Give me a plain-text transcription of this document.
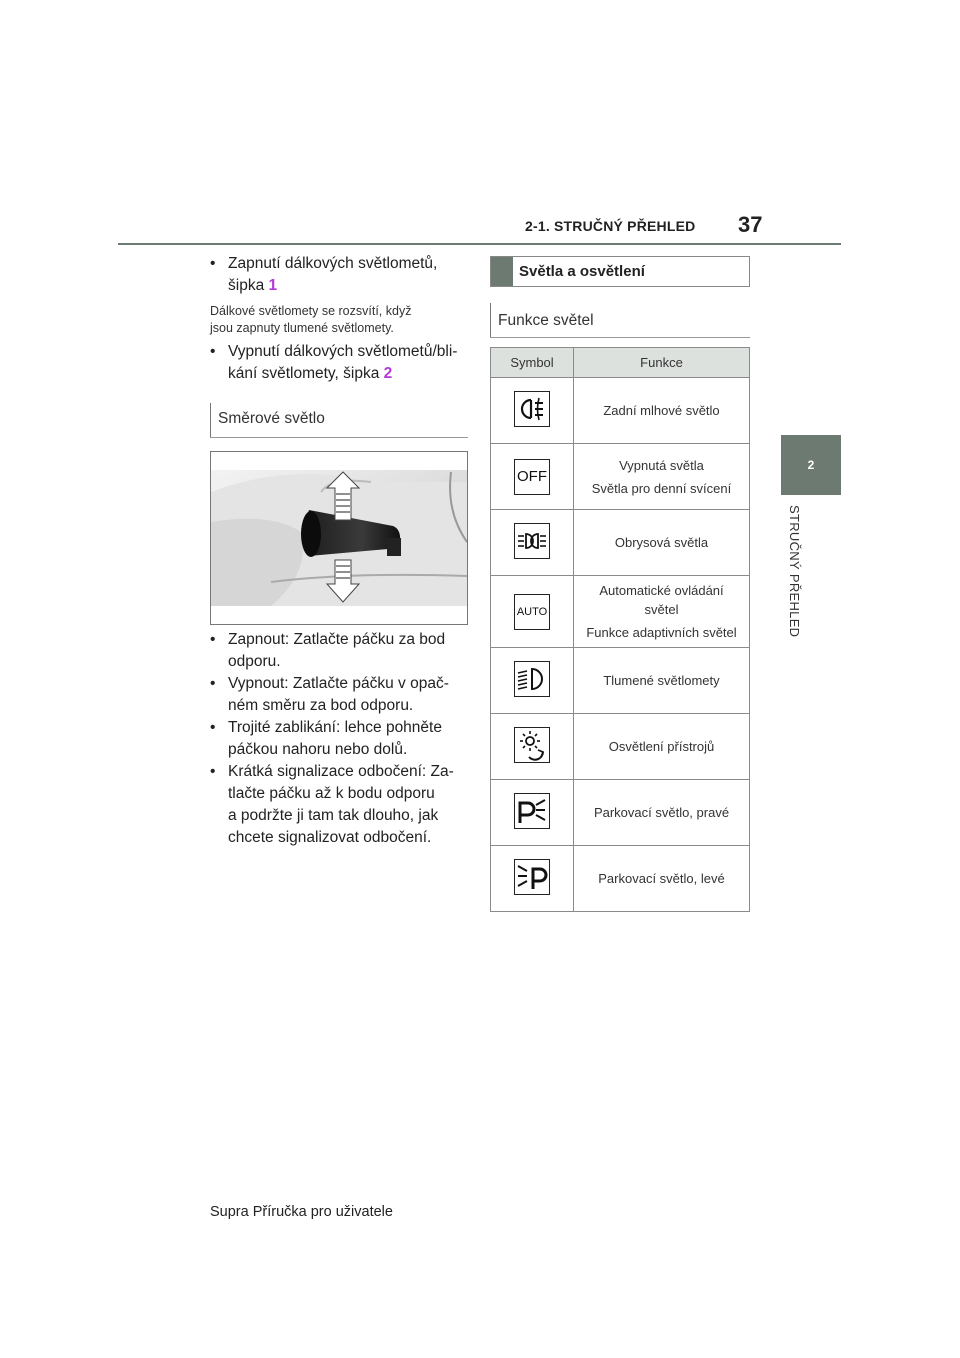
2-1. STRUČNÝ PŘEHLED 37
2
STRUČNÝ PŘEHLED
• Zapnutí dálkových světlometů,
šipka 1
Dálkové světlomety se rozsvítí, když
jsou zapnuty tlumené světlomety.
• Vypnutí dálkových světlometů/bli-
kání světlomety, šipka 2
Směrové světlo
• Zapnout: Zatlačte páčku za bod
odporu.
• Vypnout: Zatlačte páčku v opač-
ném směru za bod odporu.
• Trojité zablikání: lehce pohněte
páčkou nahoru nebo dolů.
• Krátká signalizace odbočení: Za-
tlačte páčku až k bodu odporu
a podržte ji tam tak dlouho, jak
chcete signalizovat odbočení.
Světla a osvětlení
Funkce světel
Symbol	Funkce

Zadní mlhové světlo

OFF	Vypnutá světla
Světla pro denní svícení

Obrysová světla

AUTO	Automatické ovládání
světel
Funkce adaptivních světel

Tlumené světlomety

Osvětlení přístrojů

Parkovací světlo, pravé

Parkovací světlo, levé
Supra Příručka pro uživatele
